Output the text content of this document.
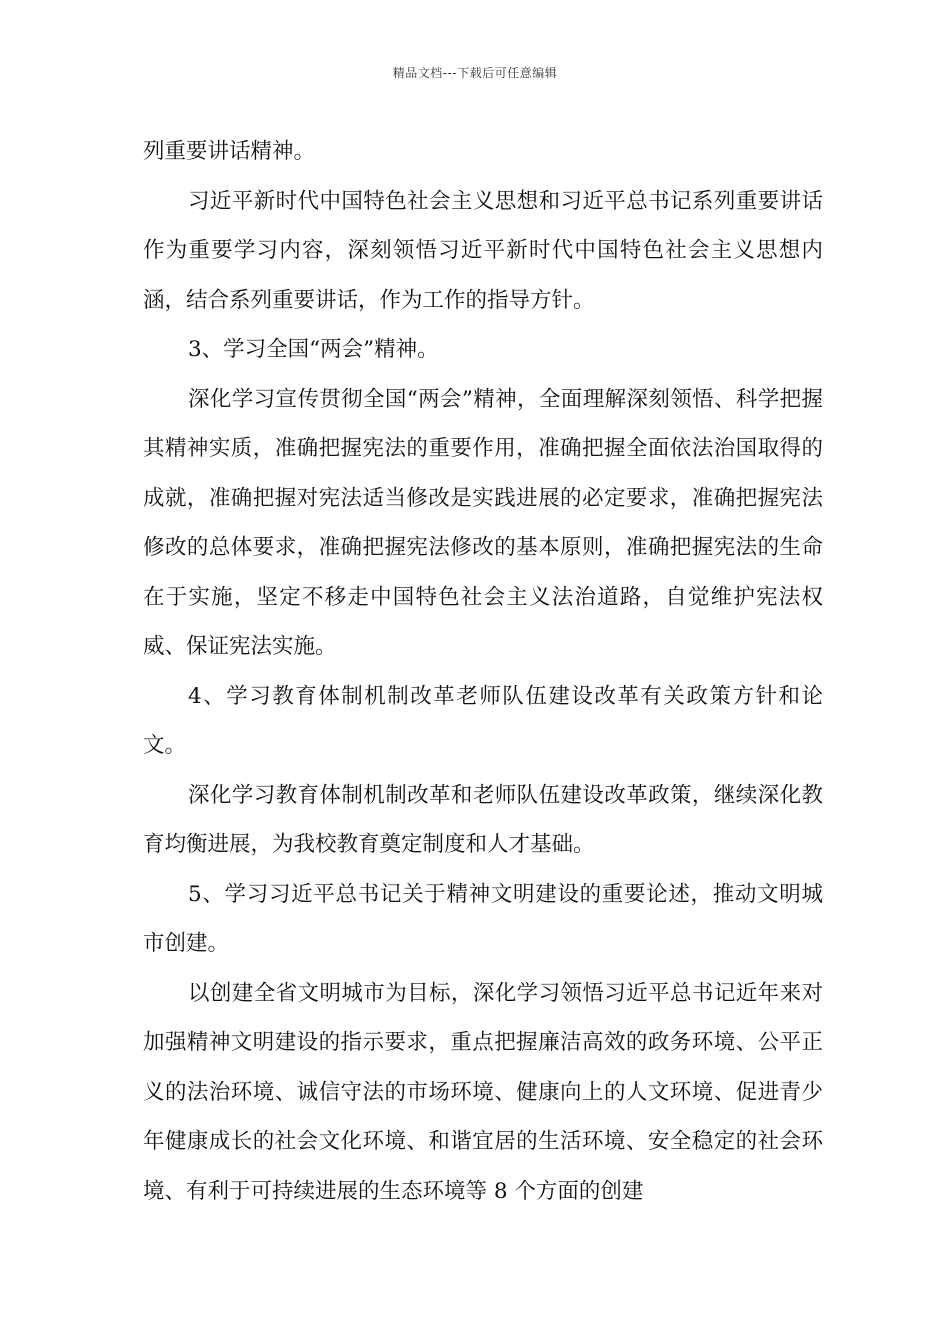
精品文档---下载后可任意编辑

列重要讲话精神。

习近平新时代中国特色社会主义思想和习近平总书记系列重要讲话作为重要学习内容，深刻领悟习近平新时代中国特色社会主义思想内涵，结合系列重要讲话，作为工作的指导方针。

3、学习全国“两会”精神。

深化学习宣传贯彻全国“两会”精神，全面理解深刻领悟、科学把握其精神实质，准确把握宪法的重要作用，准确把握全面依法治国取得的成就，准确把握对宪法适当修改是实践进展的必定要求，准确把握宪法修改的总体要求，准确把握宪法修改的基本原则，准确把握宪法的生命在于实施，坚定不移走中国特色社会主义法治道路，自觉维护宪法权威、保证宪法实施。

4、学习教育体制机制改革老师队伍建设改革有关政策方针和论文。

深化学习教育体制机制改革和老师队伍建设改革政策，继续深化教育均衡进展，为我校教育奠定制度和人才基础。

5、学习习近平总书记关于精神文明建设的重要论述，推动文明城市创建。

以创建全省文明城市为目标，深化学习领悟习近平总书记近年来对加强精神文明建设的指示要求，重点把握廉洁高效的政务环境、公平正义的法治环境、诚信守法的市场环境、健康向上的人文环境、促进青少年健康成长的社会文化环境、和谐宜居的生活环境、安全稳定的社会环境、有利于可持续进展的生态环境等 8 个方面的创建
